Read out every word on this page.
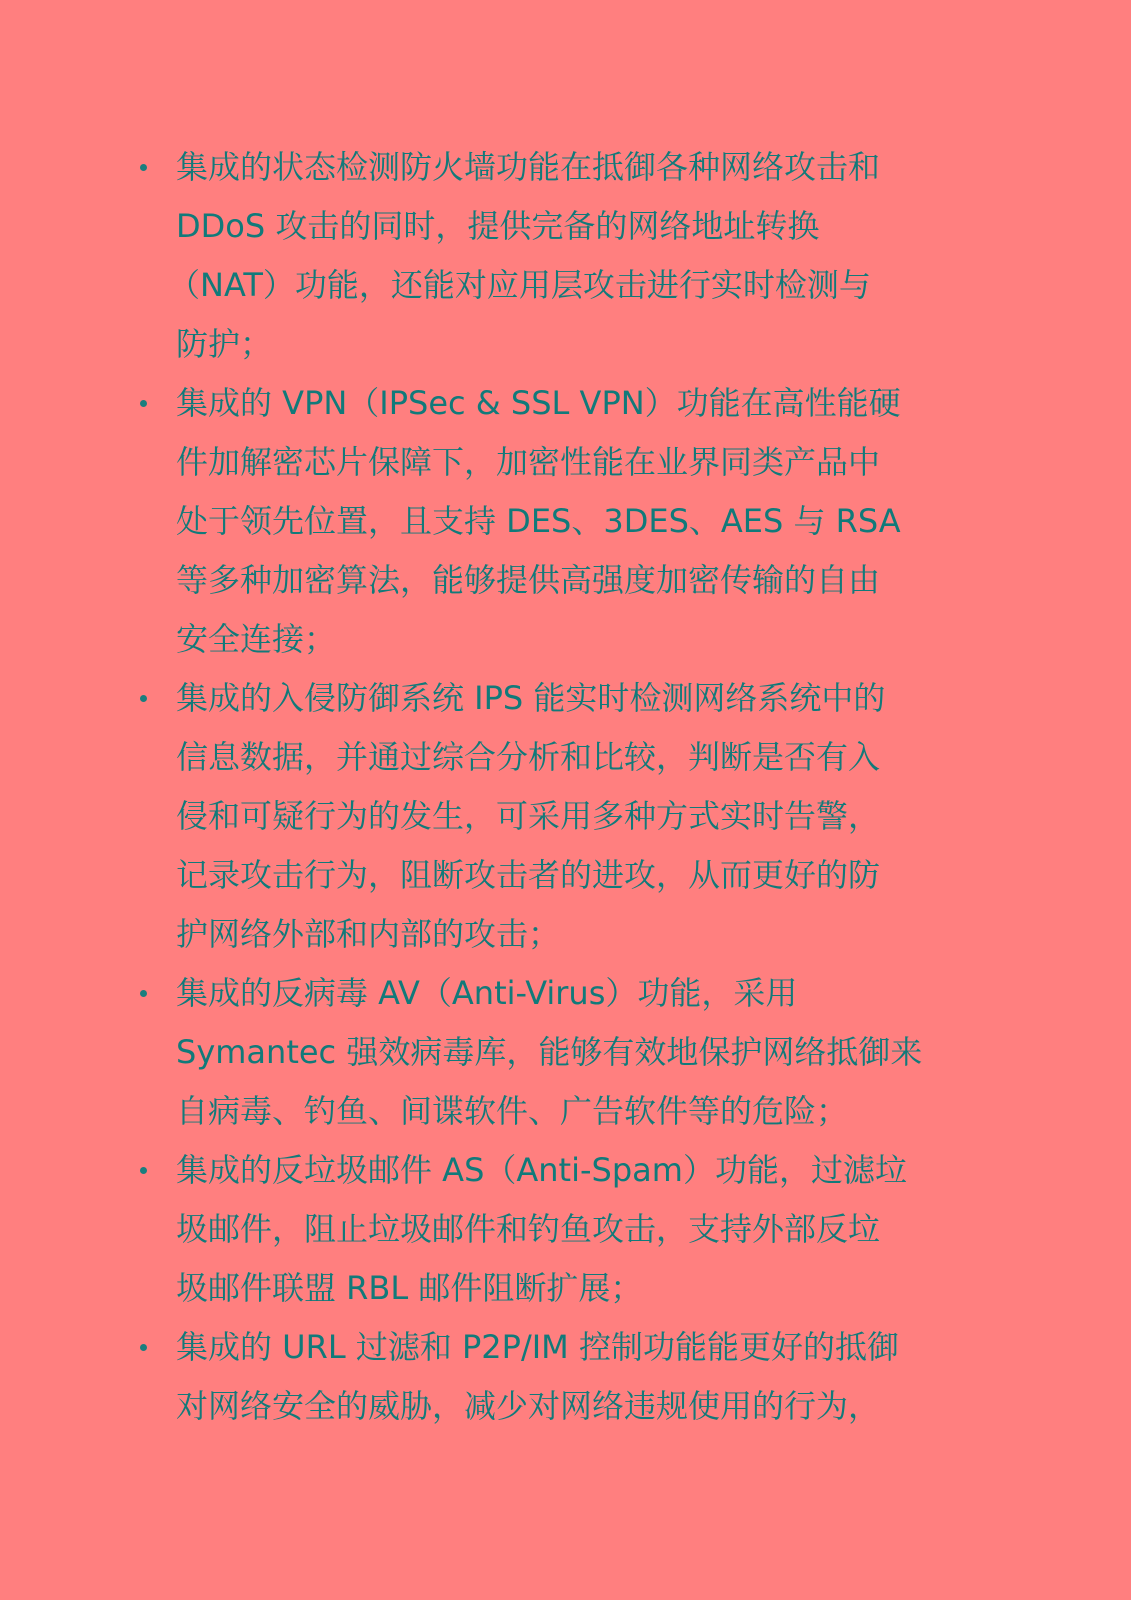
集成的状态检测防火墙功能在抵御各种网络攻击和
DDoS 攻击的同时，提供完备的网络地址转换
（NAT）功能，还能对应用层攻击进行实时检测与
防护；
集成的 VPN（IPSec & SSL VPN）功能在高性能硬
件加解密芯片保障下，加密性能在业界同类产品中
处于领先位置，且支持 DES、3DES、AES 与 RSA
等多种加密算法，能够提供高强度加密传输的自由
安全连接；
集成的入侵防御系统 IPS 能实时检测网络系统中的
信息数据，并通过综合分析和比较，判断是否有入
侵和可疑行为的发生，可采用多种方式实时告警，
记录攻击行为，阻断攻击者的进攻，从而更好的防
护网络外部和内部的攻击；
集成的反病毒 AV（Anti-Virus）功能，采用
Symantec 强效病毒库，能够有效地保护网络抵御来
自病毒、钓鱼、间谍软件、广告软件等的危险；
集成的反垃圾邮件 AS（Anti-Spam）功能，过滤垃
圾邮件，阻止垃圾邮件和钓鱼攻击，支持外部反垃
圾邮件联盟 RBL 邮件阻断扩展；
集成的 URL 过滤和 P2P/IM 控制功能能更好的抵御
对网络安全的威胁，减少对网络违规使用的行为，
